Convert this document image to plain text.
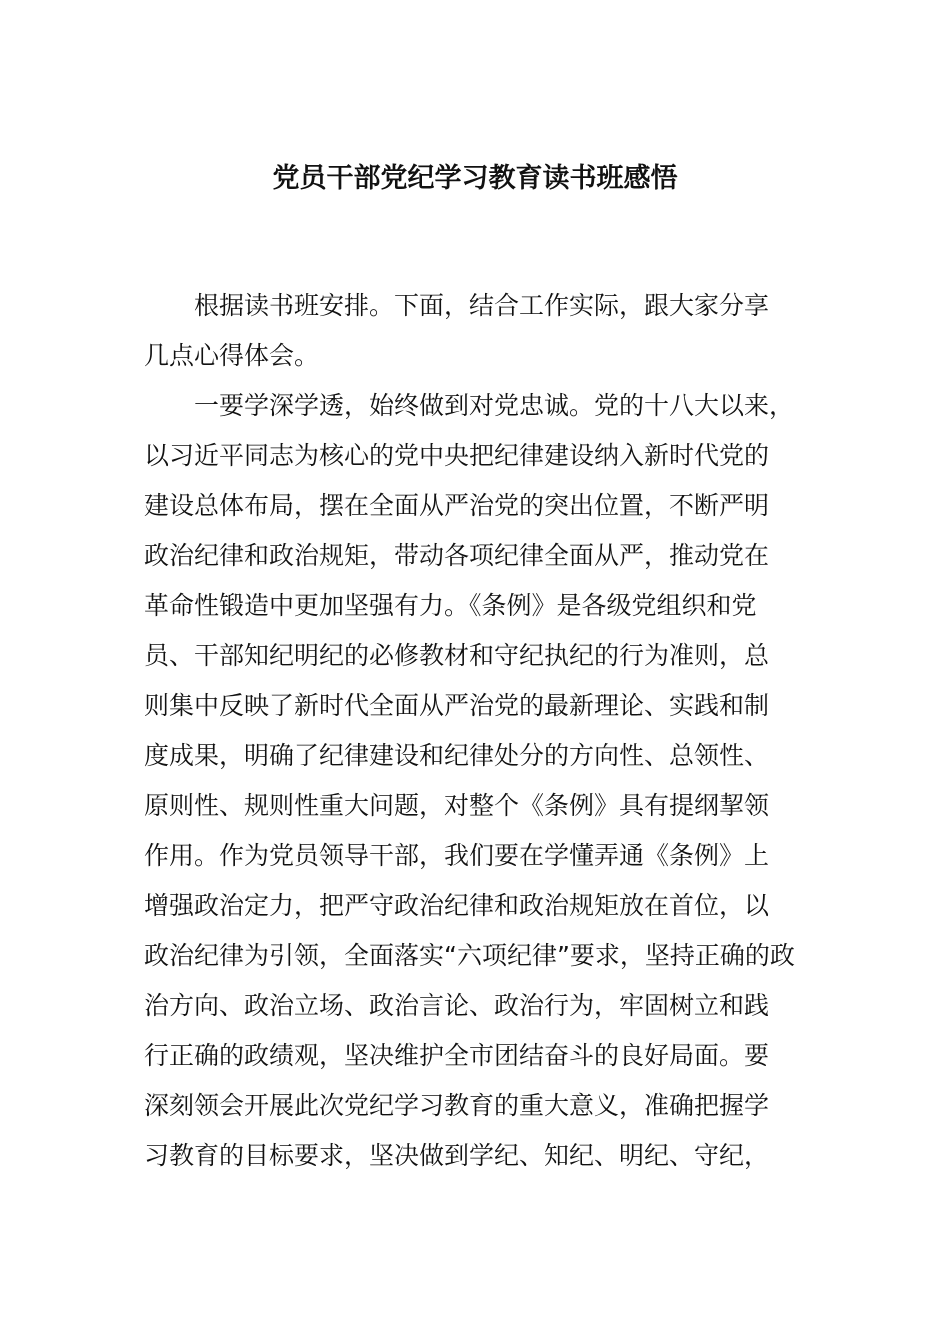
党员干部党纪学习教育读书班感悟
根据读书班安排。下面，结合工作实际，跟大家分享
几点心得体会。
一要学深学透，始终做到对党忠诚。党的十八大以来，
以习近平同志为核心的党中央把纪律建设纳入新时代党的
建设总体布局，摆在全面从严治党的突出位置，不断严明
政治纪律和政治规矩，带动各项纪律全面从严，推动党在
革命性锻造中更加坚强有力。《条例》是各级党组织和党
员、干部知纪明纪的必修教材和守纪执纪的行为准则，总
则集中反映了新时代全面从严治党的最新理论、实践和制
度成果，明确了纪律建设和纪律处分的方向性、总领性、
原则性、规则性重大问题，对整个《条例》具有提纲挈领
作用。作为党员领导干部，我们要在学懂弄通《条例》上
增强政治定力，把严守政治纪律和政治规矩放在首位，以
政治纪律为引领，全面落实“六项纪律”要求，坚持正确的政
治方向、政治立场、政治言论、政治行为，牢固树立和践
行正确的政绩观，坚决维护全市团结奋斗的良好局面。要
深刻领会开展此次党纪学习教育的重大意义，准确把握学
习教育的目标要求，坚决做到学纪、知纪、明纪、守纪，
